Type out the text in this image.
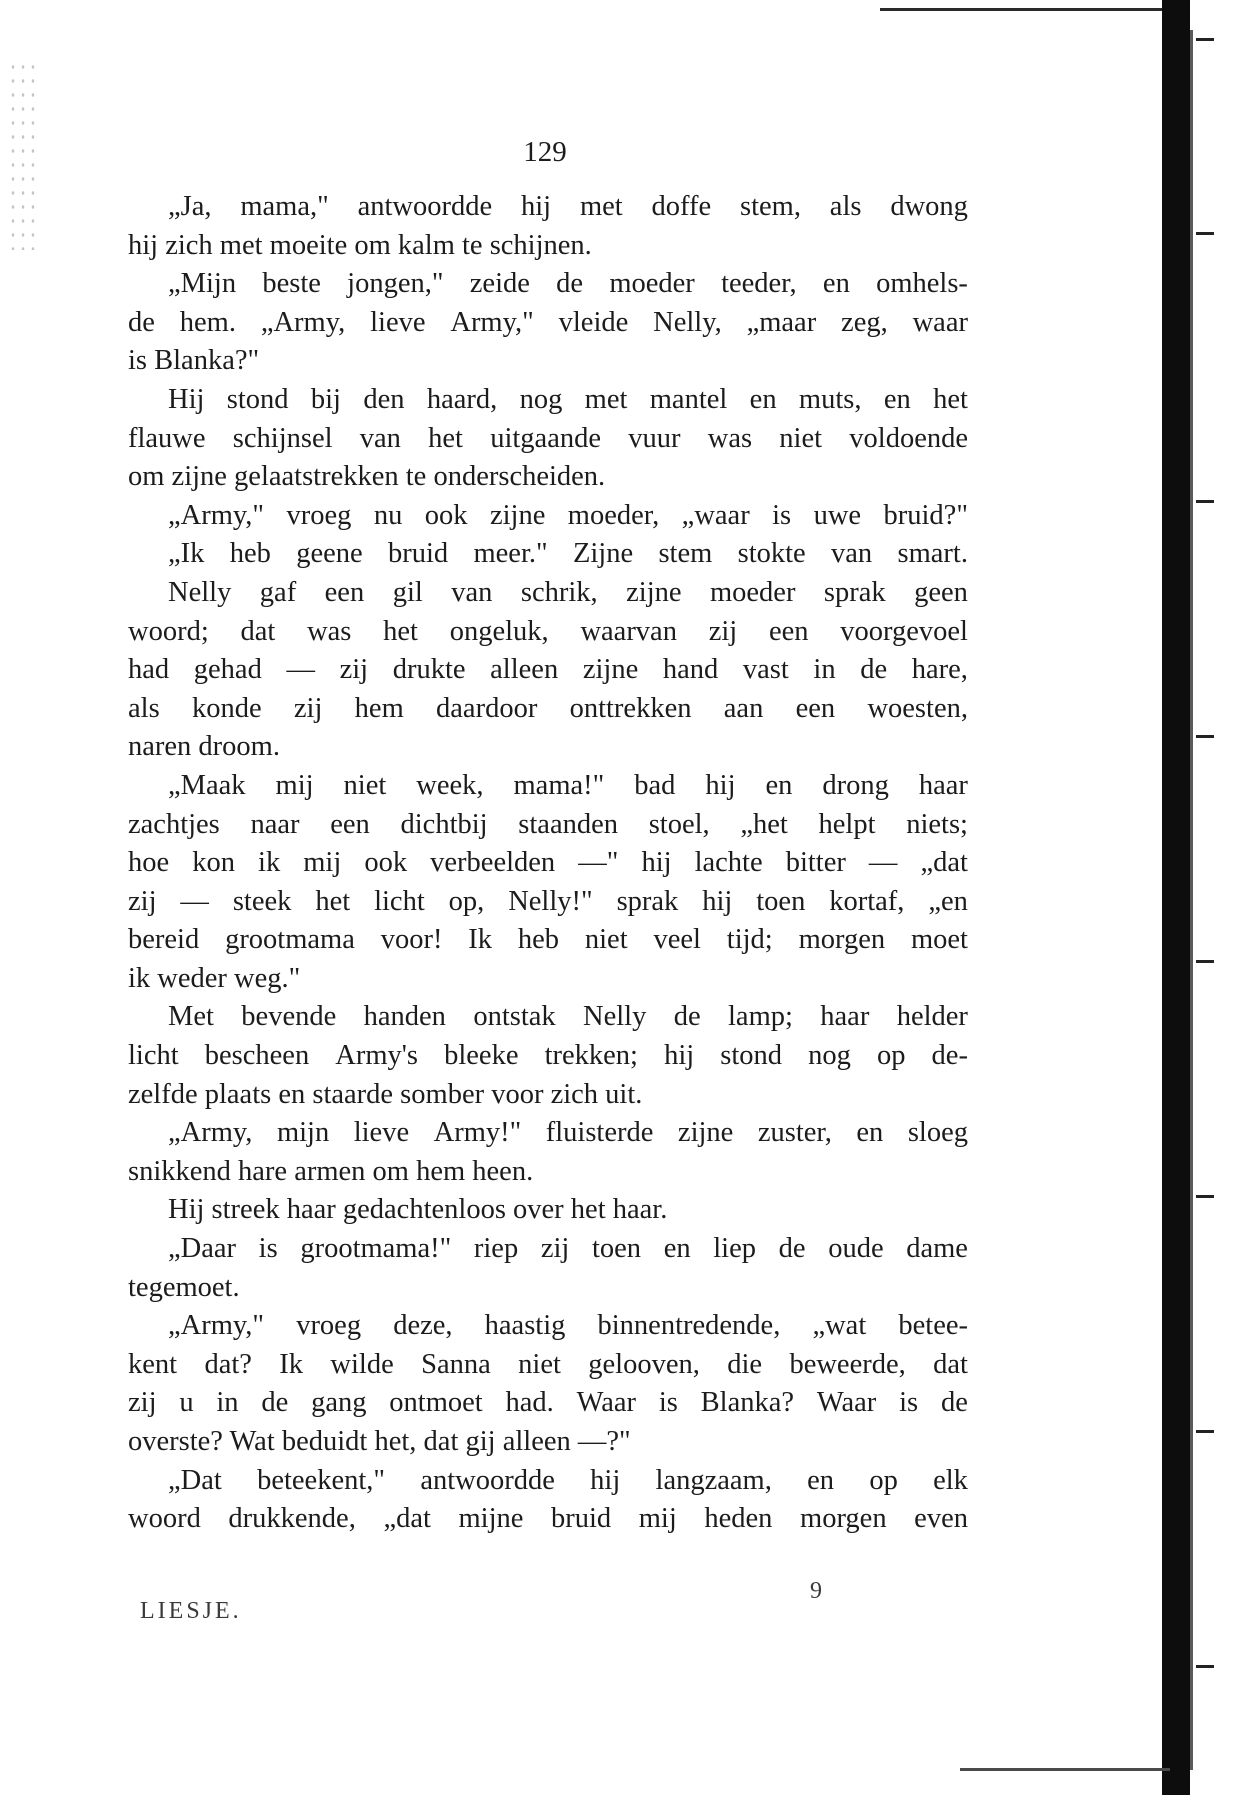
129
„Ja, mama," antwoordde hij met doffe stem, als dwong
hij zich met moeite om kalm te schijnen.
„Mijn beste jongen," zeide de moeder teeder, en omhels-
de hem. „Army, lieve Army," vleide Nelly, „maar zeg, waar
is Blanka?"
Hij stond bij den haard, nog met mantel en muts, en het
flauwe schijnsel van het uitgaande vuur was niet voldoende
om zijne gelaatstrekken te onderscheiden.
„Army," vroeg nu ook zijne moeder, „waar is uwe bruid?"
„Ik heb geene bruid meer." Zijne stem stokte van smart.
Nelly gaf een gil van schrik, zijne moeder sprak geen
woord; dat was het ongeluk, waarvan zij een voorgevoel
had gehad — zij drukte alleen zijne hand vast in de hare,
als konde zij hem daardoor onttrekken aan een woesten,
naren droom.
„Maak mij niet week, mama!" bad hij en drong haar
zachtjes naar een dichtbij staanden stoel, „het helpt niets;
hoe kon ik mij ook verbeelden —" hij lachte bitter — „dat
zij — steek het licht op, Nelly!" sprak hij toen kortaf, „en
bereid grootmama voor! Ik heb niet veel tijd; morgen moet
ik weder weg."
Met bevende handen ontstak Nelly de lamp; haar helder
licht bescheen Army's bleeke trekken; hij stond nog op de-
zelfde plaats en staarde somber voor zich uit.
„Army, mijn lieve Army!" fluisterde zijne zuster, en sloeg
snikkend hare armen om hem heen.
Hij streek haar gedachtenloos over het haar.
„Daar is grootmama!" riep zij toen en liep de oude dame
tegemoet.
„Army," vroeg deze, haastig binnentredende, „wat betee-
kent dat? Ik wilde Sanna niet gelooven, die beweerde, dat
zij u in de gang ontmoet had. Waar is Blanka? Waar is de
overste? Wat beduidt het, dat gij alleen —?"
„Dat beteekent," antwoordde hij langzaam, en op elk
woord drukkende, „dat mijne bruid mij heden morgen even
LIESJE.
9
